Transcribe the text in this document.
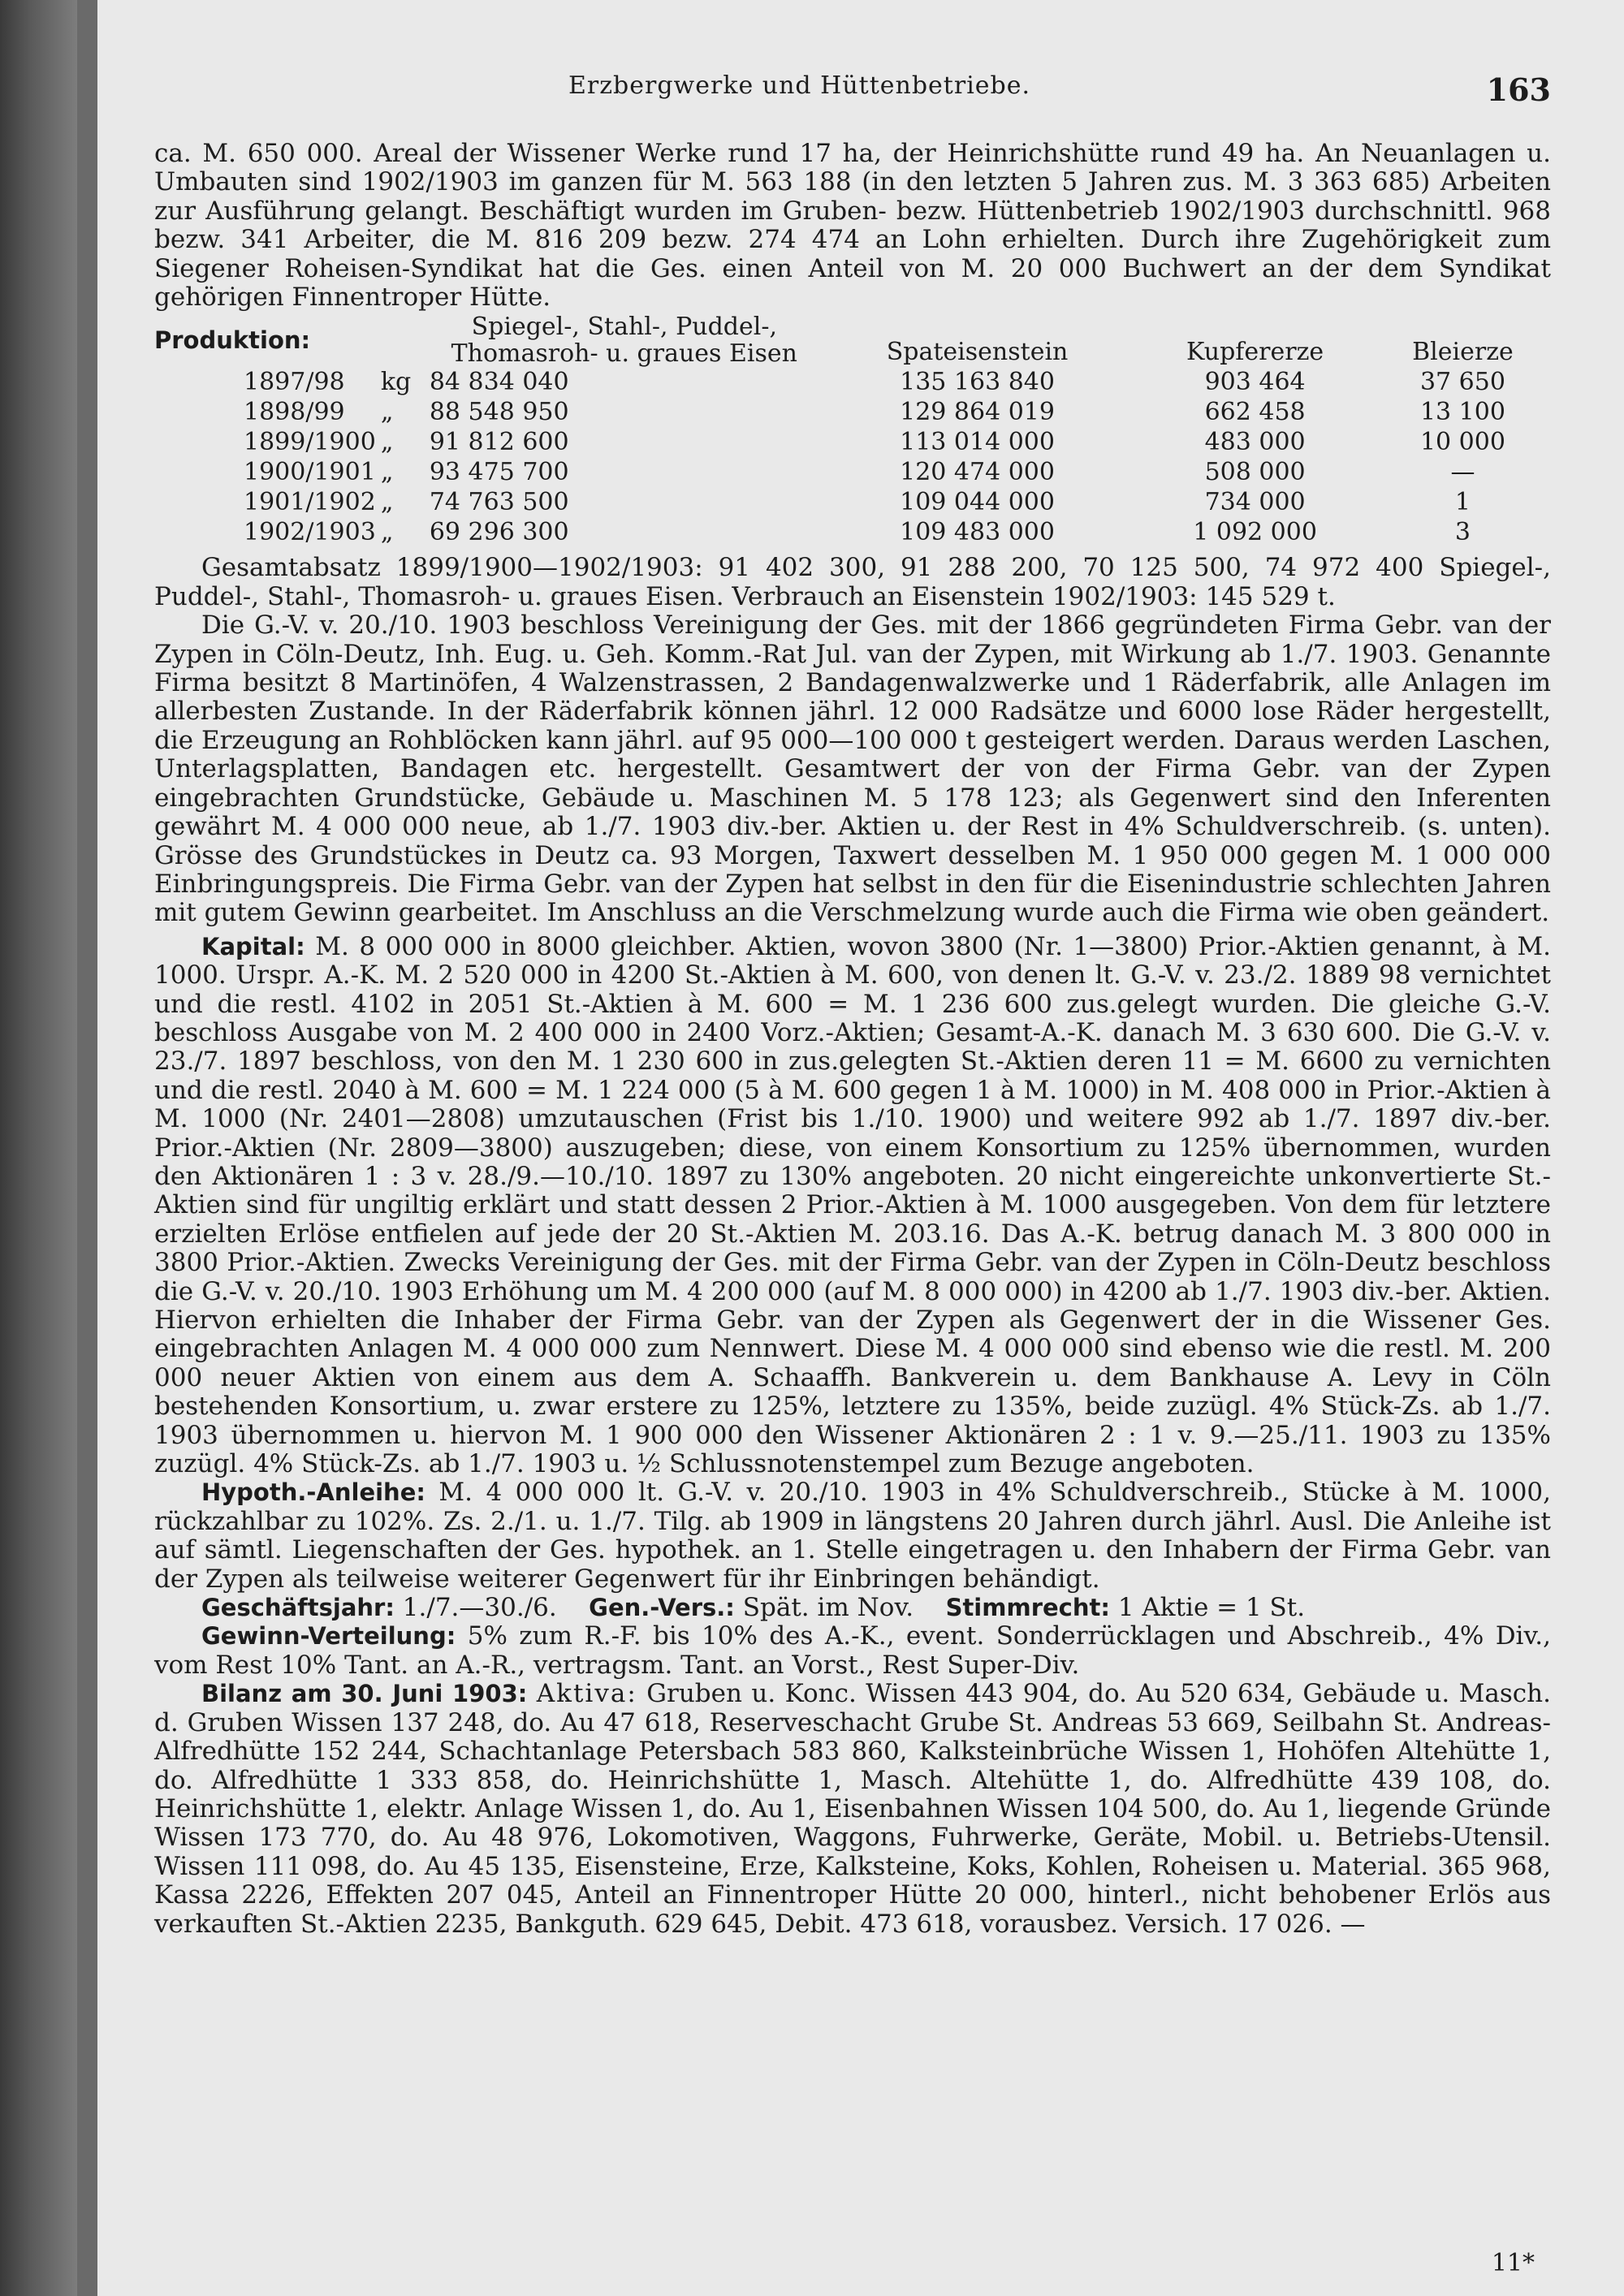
Erzbergwerke und Hüttenbetriebe.	163

ca. M. 650 000. Areal der Wissener Werke rund 17 ha, der Heinrichshütte rund 49 ha. An Neuanlagen u. Umbauten sind 1902/1903 im ganzen für M. 563 188 (in den letzten 5 Jahren zus. M. 3 363 685) Arbeiten zur Ausführung gelangt. Beschäftigt wurden im Gruben- bezw. Hüttenbetrieb 1902/1903 durchschnittl. 968 bezw. 341 Arbeiter, die M. 816 209 bezw. 274 474 an Lohn erhielten. Durch ihre Zugehörigkeit zum Siegener Roheisen-Syndikat hat die Ges. einen Anteil von M. 20 000 Buchwert an der dem Syndikat gehörigen Finnentroper Hütte.

Produktion:		Spiegel-, Stahl-, Puddel-, Thomasroh- u. graues Eisen	Spateisenstein	Kupfererze	Bleierze
1897/98	kg	84 834 040	135 163 840	903 464	37 650
1898/99	„	88 548 950	129 864 019	662 458	13 100
1899/1900	„	91 812 600	113 014 000	483 000	10 000
1900/1901	„	93 475 700	120 474 000	508 000	—
1901/1902	„	74 763 500	109 044 000	734 000	1
1902/1903	„	69 296 300	109 483 000	1 092 000	3

Gesamtabsatz 1899/1900—1902/1903: 91 402 300, 91 288 200, 70 125 500, 74 972 400 Spiegel-, Puddel-, Stahl-, Thomasroh- u. graues Eisen. Verbrauch an Eisenstein 1902/1903: 145 529 t.

Die G.-V. v. 20./10. 1903 beschloss Vereinigung der Ges. mit der 1866 gegründeten Firma Gebr. van der Zypen in Cöln-Deutz, Inh. Eug. u. Geh. Komm.-Rat Jul. van der Zypen, mit Wirkung ab 1./7. 1903. Genannte Firma besitzt 8 Martinöfen, 4 Walzenstrassen, 2 Bandagenwalzwerke und 1 Räderfabrik, alle Anlagen im allerbesten Zustande. In der Räderfabrik können jährl. 12 000 Radsätze und 6000 lose Räder hergestellt, die Erzeugung an Rohblöcken kann jährl. auf 95 000—100 000 t gesteigert werden. Daraus werden Laschen, Unterlagsplatten, Bandagen etc. hergestellt. Gesamtwert der von der Firma Gebr. van der Zypen eingebrachten Grundstücke, Gebäude u. Maschinen M. 5 178 123; als Gegenwert sind den Inferenten gewährt M. 4 000 000 neue, ab 1./7. 1903 div.-ber. Aktien u. der Rest in 4% Schuldverschreib. (s. unten). Grösse des Grundstückes in Deutz ca. 93 Morgen, Taxwert desselben M. 1 950 000 gegen M. 1 000 000 Einbringungspreis. Die Firma Gebr. van der Zypen hat selbst in den für die Eisenindustrie schlechten Jahren mit gutem Gewinn gearbeitet. Im Anschluss an die Verschmelzung wurde auch die Firma wie oben geändert.

Kapital: M. 8 000 000 in 8000 gleichber. Aktien, wovon 3800 (Nr. 1—3800) Prior.-Aktien genannt, à M. 1000. Urspr. A.-K. M. 2 520 000 in 4200 St.-Aktien à M. 600, von denen lt. G.-V. v. 23./2. 1889 98 vernichtet und die restl. 4102 in 2051 St.-Aktien à M. 600 = M. 1 236 600 zus.gelegt wurden. Die gleiche G.-V. beschloss Ausgabe von M. 2 400 000 in 2400 Vorz.-Aktien; Gesamt-A.-K. danach M. 3 630 600. Die G.-V. v. 23./7. 1897 beschloss, von den M. 1 230 600 in zus.gelegten St.-Aktien deren 11 = M. 6600 zu vernichten und die restl. 2040 à M. 600 = M. 1 224 000 (5 à M. 600 gegen 1 à M. 1000) in M. 408 000 in Prior.-Aktien à M. 1000 (Nr. 2401—2808) umzutauschen (Frist bis 1./10. 1900) und weitere 992 ab 1./7. 1897 div.-ber. Prior.-Aktien (Nr. 2809—3800) auszugeben; diese, von einem Konsortium zu 125% übernommen, wurden den Aktionären 1 : 3 v. 28./9.—10./10. 1897 zu 130% angeboten. 20 nicht eingereichte unkonvertierte St.-Aktien sind für ungiltig erklärt und statt dessen 2 Prior.-Aktien à M. 1000 ausgegeben. Von dem für letztere erzielten Erlöse entfielen auf jede der 20 St.-Aktien M. 203.16. Das A.-K. betrug danach M. 3 800 000 in 3800 Prior.-Aktien. Zwecks Vereinigung der Ges. mit der Firma Gebr. van der Zypen in Cöln-Deutz beschloss die G.-V. v. 20./10. 1903 Erhöhung um M. 4 200 000 (auf M. 8 000 000) in 4200 ab 1./7. 1903 div.-ber. Aktien. Hiervon erhielten die Inhaber der Firma Gebr. van der Zypen als Gegenwert der in die Wissener Ges. eingebrachten Anlagen M. 4 000 000 zum Nennwert. Diese M. 4 000 000 sind ebenso wie die restl. M. 200 000 neuer Aktien von einem aus dem A. Schaaffh. Bankverein u. dem Bankhause A. Levy in Cöln bestehenden Konsortium, u. zwar erstere zu 125%, letztere zu 135%, beide zuzügl. 4% Stück-Zs. ab 1./7. 1903 übernommen u. hiervon M. 1 900 000 den Wissener Aktionären 2 : 1 v. 9.—25./11. 1903 zu 135% zuzügl. 4% Stück-Zs. ab 1./7. 1903 u. ½ Schlussnotenstempel zum Bezuge angeboten.

Hypoth.-Anleihe: M. 4 000 000 lt. G.-V. v. 20./10. 1903 in 4% Schuldverschreib., Stücke à M. 1000, rückzahlbar zu 102%. Zs. 2./1. u. 1./7. Tilg. ab 1909 in längstens 20 Jahren durch jährl. Ausl. Die Anleihe ist auf sämtl. Liegenschaften der Ges. hypothek. an 1. Stelle eingetragen u. den Inhabern der Firma Gebr. van der Zypen als teilweise weiterer Gegenwert für ihr Einbringen behändigt.

Geschäftsjahr: 1./7.—30./6. Gen.-Vers.: Spät. im Nov. Stimmrecht: 1 Aktie = 1 St.

Gewinn-Verteilung: 5% zum R.-F. bis 10% des A.-K., event. Sonderrücklagen und Abschreib., 4% Div., vom Rest 10% Tant. an A.-R., vertragsm. Tant. an Vorst., Rest Super-Div.

Bilanz am 30. Juni 1903: Aktiva: Gruben u. Konc. Wissen 443 904, do. Au 520 634, Gebäude u. Masch. d. Gruben Wissen 137 248, do. Au 47 618, Reserveschacht Grube St. Andreas 53 669, Seilbahn St. Andreas-Alfredhütte 152 244, Schachtanlage Petersbach 583 860, Kalksteinbrüche Wissen 1, Hohöfen Altehütte 1, do. Alfredhütte 1 333 858, do. Heinrichshütte 1, Masch. Altehütte 1, do. Alfredhütte 439 108, do. Heinrichshütte 1, elektr. Anlage Wissen 1, do. Au 1, Eisenbahnen Wissen 104 500, do. Au 1, liegende Gründe Wissen 173 770, do. Au 48 976, Lokomotiven, Waggons, Fuhrwerke, Geräte, Mobil. u. Betriebs-Utensil. Wissen 111 098, do. Au 45 135, Eisensteine, Erze, Kalksteine, Koks, Kohlen, Roheisen u. Material. 365 968, Kassa 2226, Effekten 207 045, Anteil an Finnentroper Hütte 20 000, hinterl., nicht behobener Erlös aus verkauften St.-Aktien 2235, Bankguth. 629 645, Debit. 473 618, vorausbez. Versich. 17 026. —

11*
